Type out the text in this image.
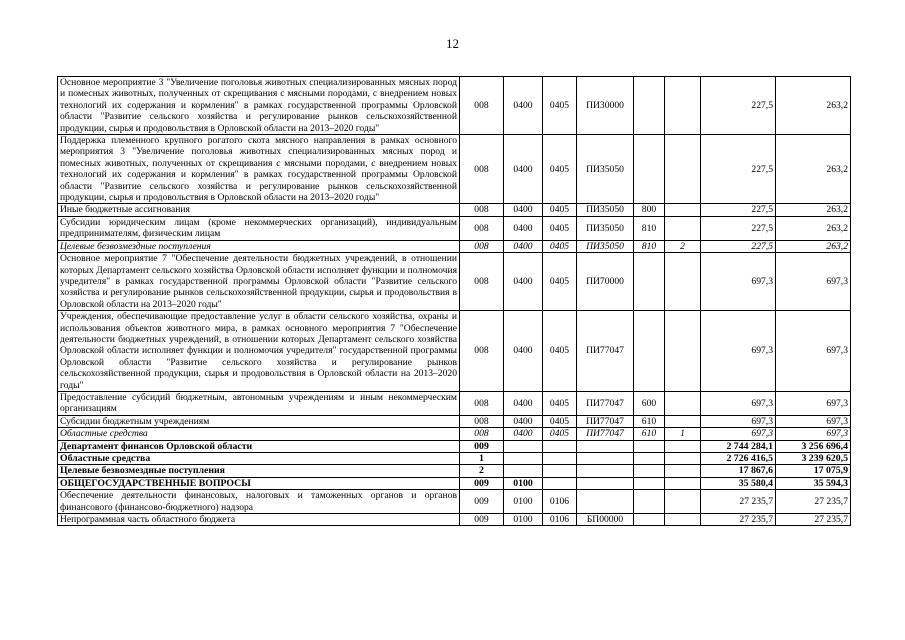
12
Основное мероприятие 3 "Увеличение поголовья животных специализированных мясных пород и помесных животных, полученных от скрещивания с мясными породами, с внедрением новых технологий их содержания и кормления" в рамках государственной программы Орловской области "Развитие сельского хозяйства и регулирование рынков сельскохозяйственной продукции, сырья и продовольствия в Орловской области на 2013–2020 годы"	008	0400	0405	ПИ30000			227,5	263,2
Поддержка племенного крупного рогатого скота мясного направления в рамках основного мероприятия 3 "Увеличение поголовья животных специализированных мясных пород и помесных животных, полученных от скрещивания с мясными породами, с внедрением новых технологий их содержания и кормления" в рамках государственной программы Орловской области "Развитие сельского хозяйства и регулирование рынков сельскохозяйственной продукции, сырья и продовольствия в Орловской области на 2013–2020 годы"	008	0400	0405	ПИ35050			227,5	263,2
Иные бюджетные ассигнования	008	0400	0405	ПИ35050	800		227,5	263,2
Субсидии юридическим лицам (кроме некоммерческих организаций), индивидуальным предпринимателям, физическим лицам	008	0400	0405	ПИ35050	810		227,5	263,2
Целевые безвозмездные поступления	008	0400	0405	ПИ35050	810	2	227,5	263,2
Основное мероприятие 7 "Обеспечение деятельности бюджетных учреждений, в отношении которых Департамент сельского хозяйства Орловской области исполняет функции и полномочия учредителя" в рамках государственной программы Орловской области "Развитие сельского хозяйства и регулирование рынков сельскохозяйственной продукции, сырья и продовольствия в Орловской области на 2013–2020 годы"	008	0400	0405	ПИ70000			697,3	697,3
Учреждения, обеспечивающие предоставление услуг в области сельского хозяйства, охраны и использования объектов животного мира, в рамках основного мероприятия 7 "Обеспечение деятельности бюджетных учреждений, в отношении которых Департамент сельского хозяйства Орловской области исполняет функции и полномочия учредителя" государственной программы Орловской области "Развитие сельского хозяйства и регулирование рынков сельскохозяйственной продукции, сырья и продовольствия в Орловской области на 2013–2020 годы"	008	0400	0405	ПИ77047			697,3	697,3
Предоставление субсидий бюджетным, автономным учреждениям и иным некоммерческим организациям	008	0400	0405	ПИ77047	600		697,3	697,3
Субсидии бюджетным учреждениям	008	0400	0405	ПИ77047	610		697,3	697,3
Областные средства	008	0400	0405	ПИ77047	610	1	697,3	697,3
Департамент финансов Орловской области	009						2 744 284,1	3 256 696,4
Областные средства	1						2 726 416,5	3 239 620,5
Целевые безвозмездные поступления	2						17 867,6	17 075,9
ОБЩЕГОСУДАРСТВЕННЫЕ ВОПРОСЫ	009	0100					35 580,4	35 594,3
Обеспечение деятельности финансовых, налоговых и таможенных органов и органов финансового (финансово-бюджетного) надзора	009	0100	0106				27 235,7	27 235,7
Непрограммная часть областного бюджета	009	0100	0106	БП00000			27 235,7	27 235,7
